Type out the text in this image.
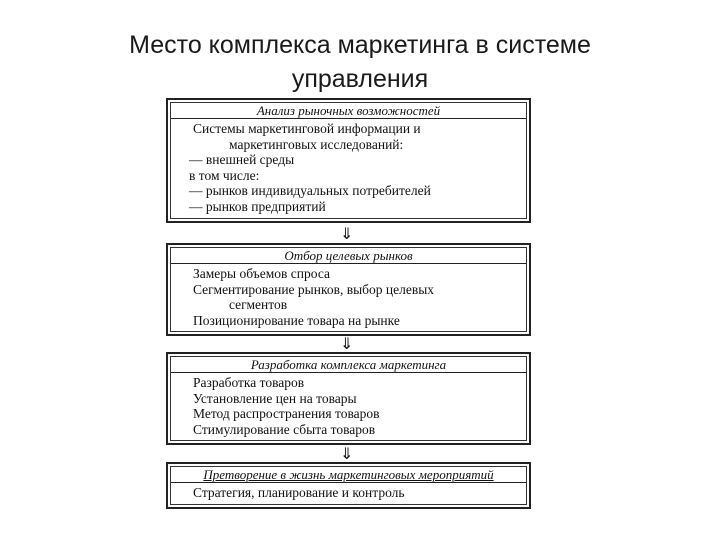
Место комплекса маркетинга в системе управления
Анализ рыночных возможностей
Системы маркетинговой информации и
маркетинговых исследований:
— внешней среды
в том числе:
— рынков индивидуальных потребителей
— рынков предприятий
⇓
Отбор целевых рынков
Замеры объемов спроса
Сегментирование рынков, выбор целевых
сегментов
Позиционирование товара на рынке
⇓
Разработка комплекса маркетинга
Разработка товаров
Установление цен на товары
Метод распространения товаров
Стимулирование сбыта товаров
⇓
Претворение в жизнь маркетинговых мероприятий
Стратегия, планирование и контроль
